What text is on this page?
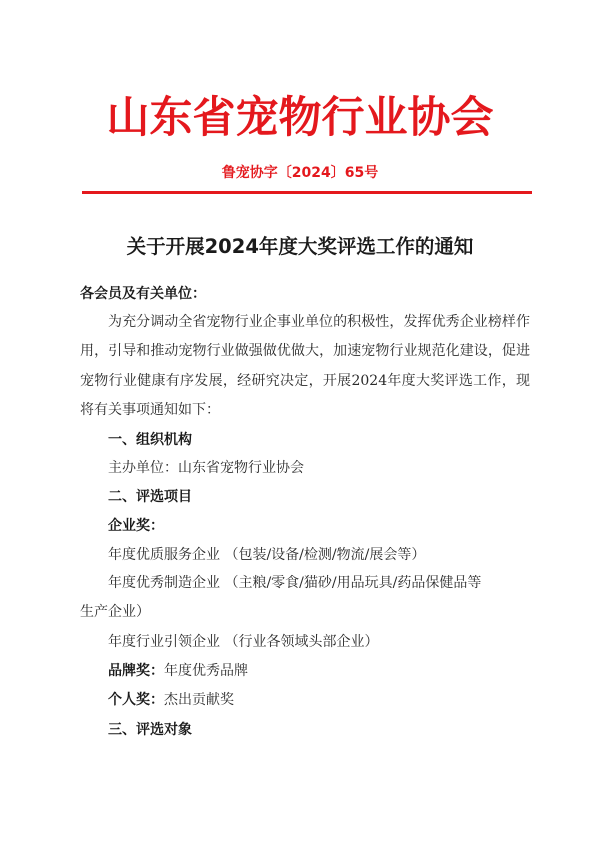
山东省宠物行业协会
鲁宠协字〔2024〕65号
关于开展2024年度大奖评选工作的通知
各会员及有关单位：
为充分调动全省宠物行业企事业单位的积极性，发挥优秀企业榜样作用，引导和推动宠物行业做强做优做大，加速宠物行业规范化建设，促进宠物行业健康有序发展，经研究决定，开展2024年度大奖评选工作，现将有关事项通知如下：
一、组织机构
主办单位：山东省宠物行业协会
二、评选项目
企业奖：
年度优质服务企业 （包装/设备/检测/物流/展会等）
年度优秀制造企业 （主粮/零食/猫砂/用品玩具/药品保健品等
生产企业）
年度行业引领企业 （行业各领域头部企业）
品牌奖：年度优秀品牌
个人奖：杰出贡献奖
三、评选对象
